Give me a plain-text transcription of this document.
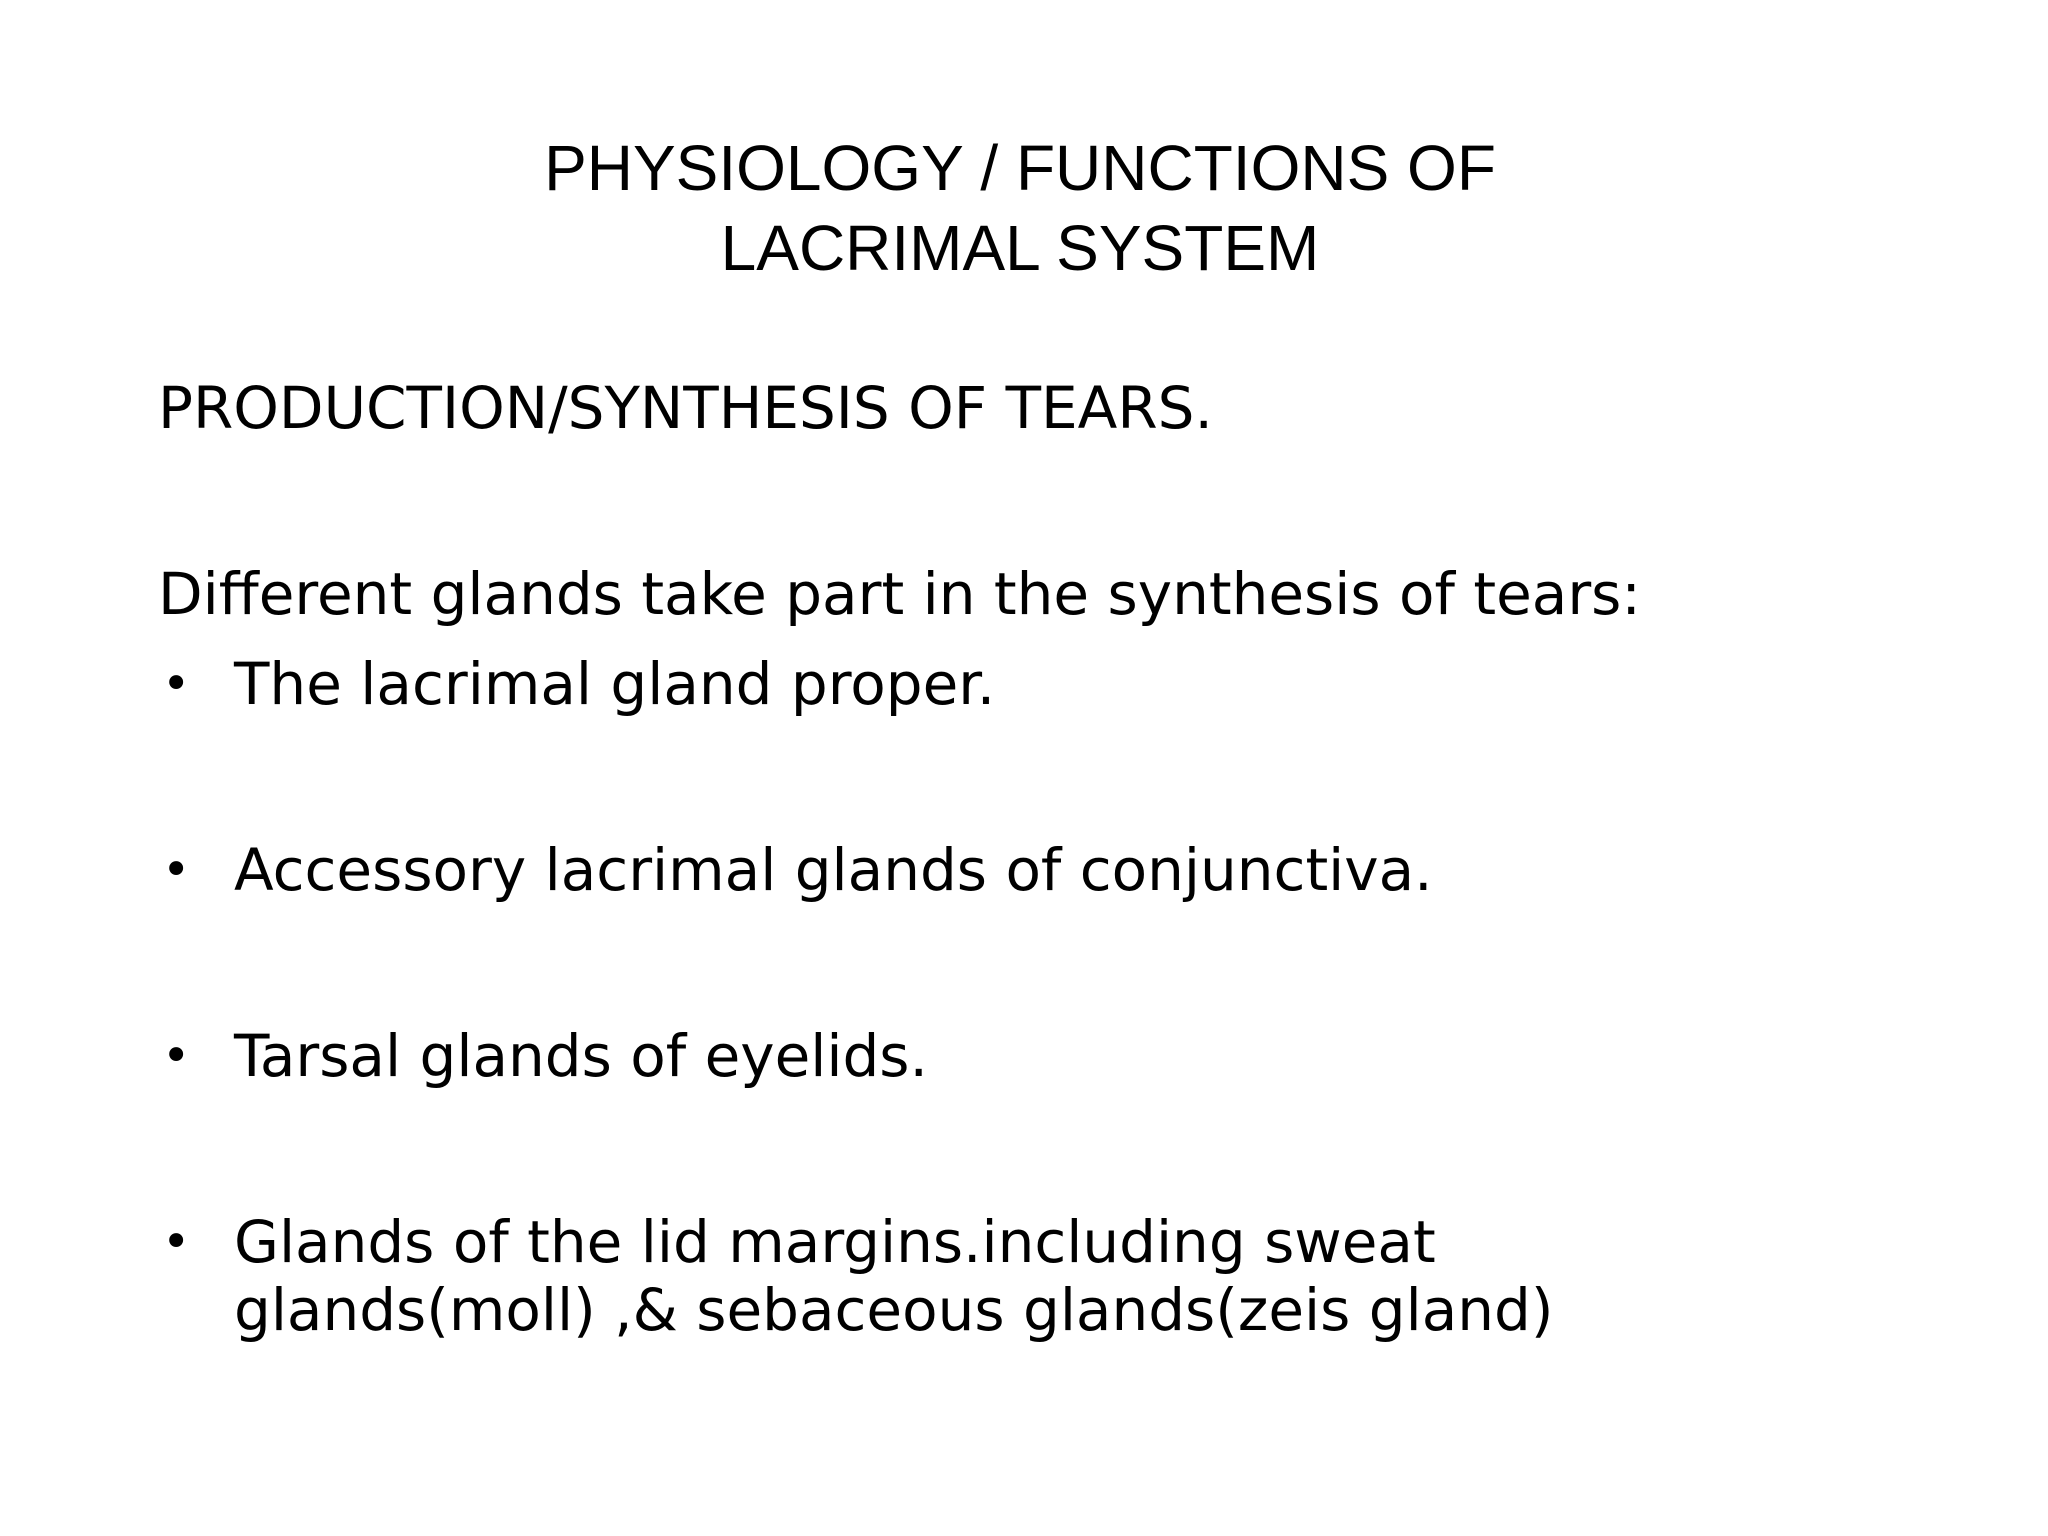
PHYSIOLOGY / FUNCTIONS OF
LACRIMAL SYSTEM
PRODUCTION/SYNTHESIS OF TEARS.
Different glands take part in the synthesis of tears:
• The lacrimal gland proper.
• Accessory lacrimal glands of conjunctiva.
• Tarsal glands of eyelids.
• Glands of the lid margins.including sweat
glands(moll) ,& sebaceous glands(zeis gland)
